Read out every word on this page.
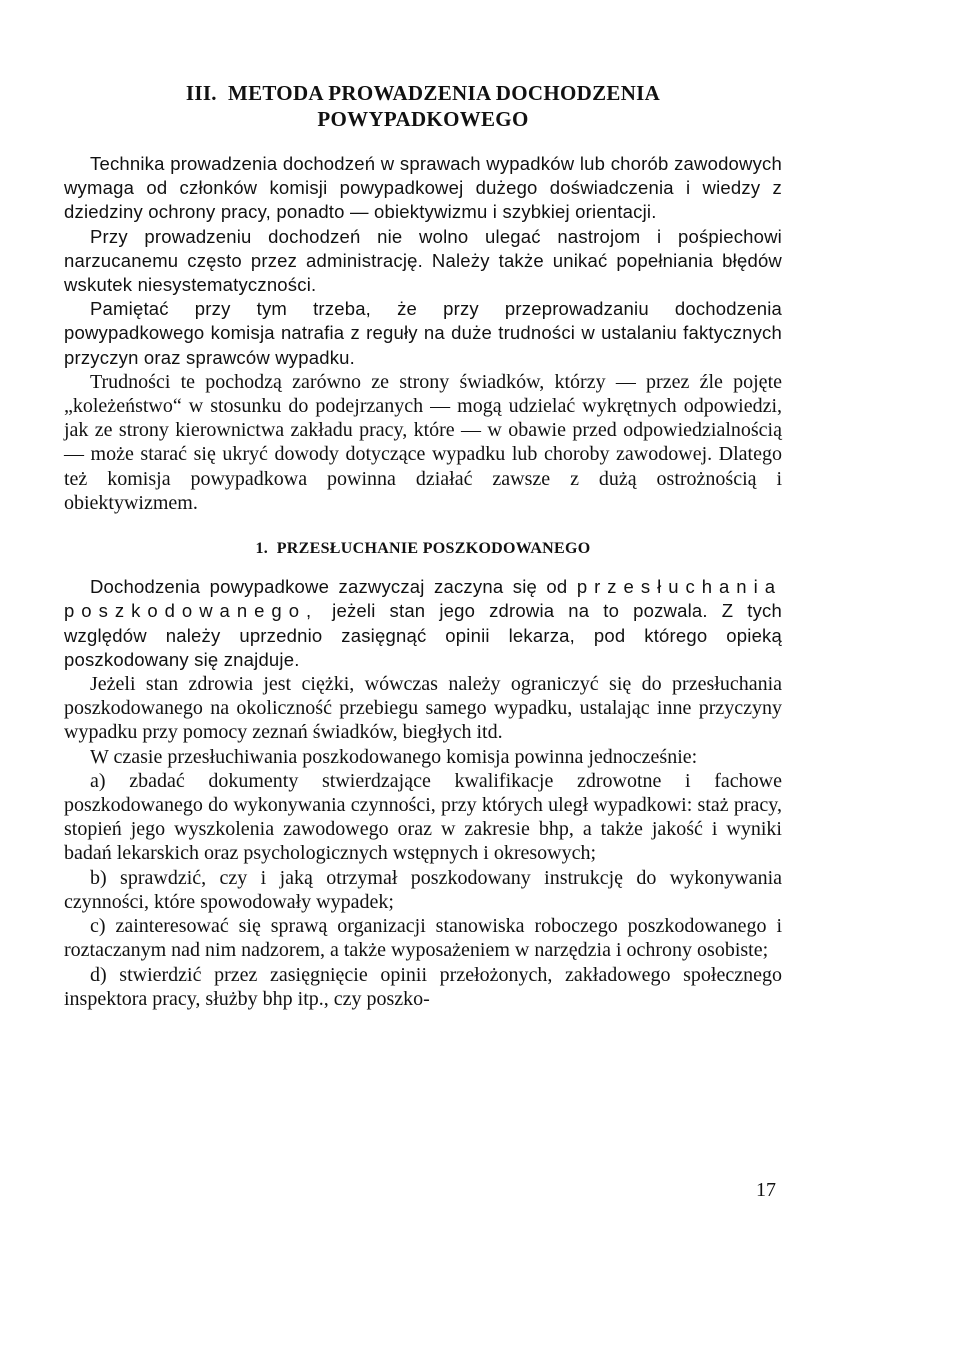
III. METODA PROWADZENIA DOCHODZENIA
POWYPADKOWEGO

Technika prowadzenia dochodzeń w sprawach wypadków lub chorób zawodowych wymaga od członków komisji powypadkowej dużego doświadczenia i wiedzy z dziedziny ochrony pracy, ponadto — obiektywizmu i szybkiej orientacji.

Przy prowadzeniu dochodzeń nie wolno ulegać nastrojom i pośpiechowi narzucanemu często przez administrację. Należy także unikać popełniania błędów wskutek niesystematyczności.

Pamiętać przy tym trzeba, że przy przeprowadzaniu dochodzenia powypadkowego komisja natrafia z reguły na duże trudności w ustalaniu faktycznych przyczyn oraz sprawców wypadku.

Trudności te pochodzą zarówno ze strony świadków, którzy — przez źle pojęte „koleżeństwo“ w stosunku do podejrzanych — mogą udzielać wykrętnych odpowiedzi, jak ze strony kierownictwa zakładu pracy, które — w obawie przed odpowiedzialnością — może starać się ukryć dowody dotyczące wypadku lub choroby zawodowej. Dlatego też komisja powypadkowa powinna działać zawsze z dużą ostrożnością i obiektywizmem.

1. PRZESŁUCHANIE POSZKODOWANEGO

Dochodzenia powypadkowe zazwyczaj zaczyna się od przesłuchania poszkodowanego, jeżeli stan jego zdrowia na to pozwala. Z tych względów należy uprzednio zasięgnąć opinii lekarza, pod którego opieką poszkodowany się znajduje.

Jeżeli stan zdrowia jest ciężki, wówczas należy ograniczyć się do przesłuchania poszkodowanego na okoliczność przebiegu samego wypadku, ustalając inne przyczyny wypadku przy pomocy zeznań świadków, biegłych itd.

W czasie przesłuchiwania poszkodowanego komisja powinna jednocześnie:

a) zbadać dokumenty stwierdzające kwalifikacje zdrowotne i fachowe poszkodowanego do wykonywania czynności, przy których uległ wypadkowi: staż pracy, stopień jego wyszkolenia zawodowego oraz w zakresie bhp, a także jakość i wyniki badań lekarskich oraz psychologicznych wstępnych i okresowych;

b) sprawdzić, czy i jaką otrzymał poszkodowany instrukcję do wykonywania czynności, które spowodowały wypadek;

c) zainteresować się sprawą organizacji stanowiska roboczego poszkodowanego i roztaczanym nad nim nadzorem, a także wyposażeniem w narzędzia i ochrony osobiste;

d) stwierdzić przez zasięgnięcie opinii przełożonych, zakładowego społecznego inspektora pracy, służby bhp itp., czy poszko-

17
